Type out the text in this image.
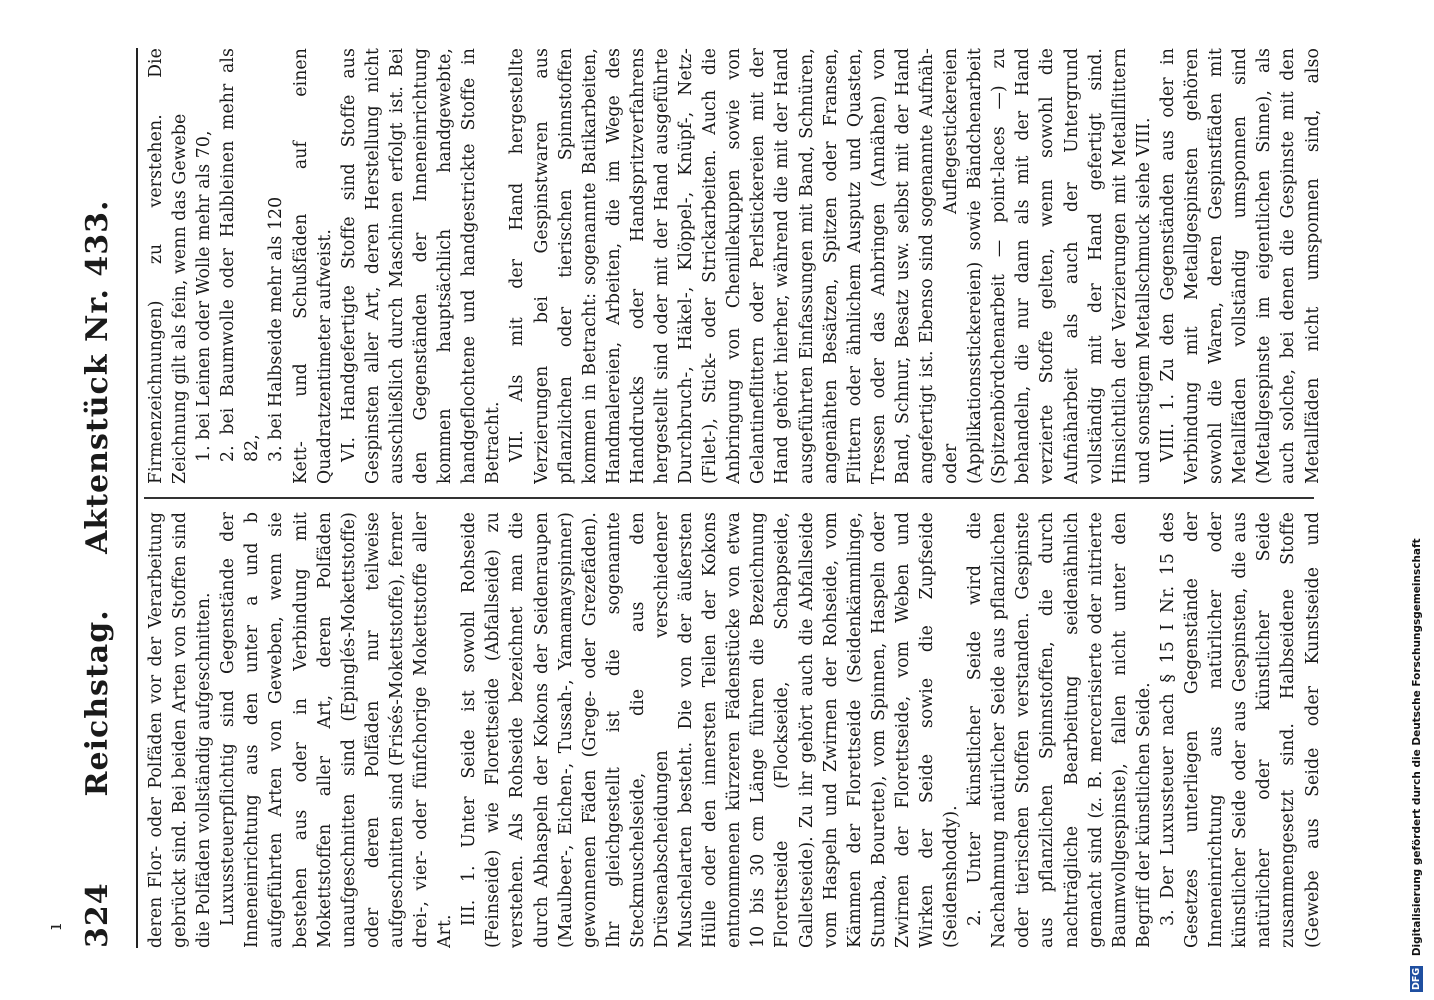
ı 324
Reichstag. Aktenstück Nr. 433.

deren Flor- oder Polfäden vor der Verarbeitung gebrückt sind. Bei beiden Arten von Stoffen sind die Polfäden vollständig aufgeschnitten. Luxussteuerpflichtig sind Gegenstände der Inneneinrichtung aus den unter a und b aufgeführten Arten von Geweben, wenn sie bestehen aus oder in Verbindung mit Mokettstoffen aller Art, deren Polfäden unaufgeschnitten sind (Epinglés-Mokettstoffe) oder deren Polfäden nur teilweise aufgeschnitten sind (Frisés-Mokettstoffe), ferner drei-, vier- oder fünfchorige Mokettstoffe aller Art.

III. 1. Unter Seide ist sowohl Rohseide (Feinseide) wie Florettseide (Abfallseide) zu verstehen. Als Rohseide bezeichnet man die durch Abhaspeln der Kokons der Seidenraupen (Maulbeer-, Eichen-, Tussah-, Yamamayspinner) gewonnenen Fäden (Grege- oder Grezefäden). Ihr gleichgestellt ist die sogenannte Steckmuschelseide, die aus den Drüsenabscheidungen verschiedener Muschelarten besteht. Die von der äußersten Hülle oder den innersten Teilen der Kokons entnommenen kürzeren Fädenstücke von etwa 10 bis 30 cm Länge führen die Bezeichnung Florettseide (Flockseide, Schappseide, Galletseide). Zu ihr gehört auch die Abfallseide vom Haspeln und Zwirnen der Rohseide, vom Kämmen der Florettseide (Seidenkämmlinge, Stumba, Bourette), vom Spinnen, Haspeln oder Zwirnen der Florettseide, vom Weben und Wirken der Seide sowie die Zupfseide (Seidenshoddy). 2. Unter künstlicher Seide wird die Nachahmung natürlicher Seide aus pflanzlichen oder tierischen Stoffen verstanden. Gespinste aus pflanzlichen Spinnstoffen, die durch nachträgliche Bearbeitung seidenähnlich gemacht sind (z. B. mercerisierte oder nitrierte Baumwollgespinste), fallen nicht unter den Begriff der künstlichen Seide. 3. Der Luxussteuer nach § 15 I Nr. 15 des Gesetzes unterliegen Gegenstände der Inneneinrichtung aus natürlicher oder künstlicher Seide oder aus Gespinsten, die aus natürlicher oder künstlicher Seide zusammengesetzt sind. Halbseidene Stoffe (Gewebe aus Seide oder Kunstseide und

Firmenzeichnungen) zu verstehen. Die Zeichnung gilt als fein, wenn das Gewebe 1. bei Leinen oder Wolle mehr als 70, 2. bei Baumwolle oder Halbleinen mehr als 82, 3. bei Halbseide mehr als 120 Kett- und Schußfäden auf einen Quadratzentimeter aufweist. VI. Handgefertigte Stoffe sind Stoffe aus Gespinsten aller Art, deren Herstellung nicht ausschließlich durch Maschinen erfolgt ist. Bei den Gegenständen der Inneneinrichtung kommen hauptsächlich handgewebte, handgeflochtene und handgestrickte Stoffe in Betracht. VII. Als mit der Hand hergestellte Verzierungen bei Gespinstwaren aus pflanzlichen oder tierischen Spinnstoffen kommen in Betracht: sogenannte Batikarbeiten, Handmalereien, Arbeiten, die im Wege des Handdrucks oder Handspritzverfahrens hergestellt sind oder mit der Hand ausgeführte Durchbruch-, Häkel-, Klöppel-, Knüpf-, Netz- (Filet-), Stick- oder Strickarbeiten. Auch die Anbringung von Chenillekuppen sowie von Gelantineflittern oder Perlstickereien mit der Hand gehört hierher, während die mit der Hand ausgeführten Einfassungen mit Band, Schnüren, angenähten Besätzen, Spitzen oder Fransen, Flittern oder ähnlichem Ausputz und Quasten, Tressen oder das Anbringen (Annähen) von Band, Schnur, Besatz usw. selbst mit der Hand angefertigt ist. Ebenso sind sogenannte Aufnäh- oder Auflegestickereien (Applikationsstickereien) sowie Bändchenarbeit (Spitzenbördchenarbeit — point-laces —) zu behandeln, die nur dann als mit der Hand verzierte Stoffe gelten, wenn sowohl die Aufnäharbeit als auch der Untergrund vollständig mit der Hand gefertigt sind. Hinsichtlich der Verzierungen mit Metallflittern und sonstigem Metallschmuck siehe VIII. VIII. 1. Zu den Gegenständen aus oder in Verbindung mit Metallgespinsten gehören sowohl die Waren, deren Gespinstfäden mit Metallfäden vollständig umsponnen sind (Metallgespinste im eigentlichen Sinne), als auch solche, bei denen die Gespinste mit den Metallfäden nicht umsponnen sind, also

DFG Digitalisierung gefördert durch die Deutsche Forschungsgemeinschaft
